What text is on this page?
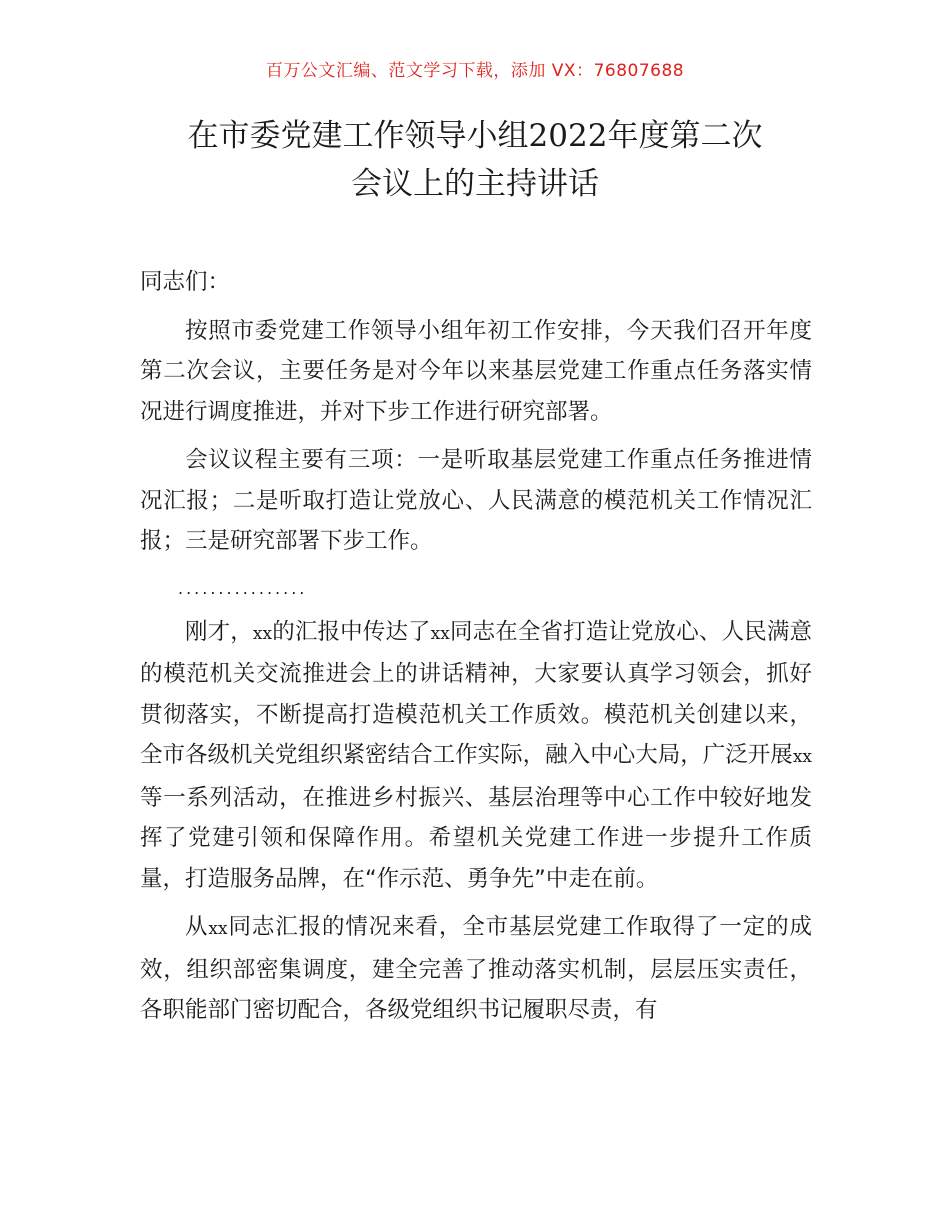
百万公文汇编、范文学习下载，添加 VX：76807688
在市委党建工作领导小组2022年度第二次
会议上的主持讲话

同志们：

按照市委党建工作领导小组年初工作安排，今天我们召开年度第二次会议，主要任务是对今年以来基层党建工作重点任务落实情况进行调度推进，并对下步工作进行研究部署。

会议议程主要有三项：一是听取基层党建工作重点任务推进情况汇报；二是听取打造让党放心、人民满意的模范机关工作情况汇报；三是研究部署下步工作。

................

刚才，xx的汇报中传达了xx同志在全省打造让党放心、人民满意的模范机关交流推进会上的讲话精神，大家要认真学习领会，抓好贯彻落实，不断提高打造模范机关工作质效。模范机关创建以来，全市各级机关党组织紧密结合工作实际，融入中心大局，广泛开展xx等一系列活动，在推进乡村振兴、基层治理等中心工作中较好地发挥了党建引领和保障作用。希望机关党建工作进一步提升工作质量，打造服务品牌，在“作示范、勇争先”中走在前。

从xx同志汇报的情况来看，全市基层党建工作取得了一定的成效，组织部密集调度，建全完善了推动落实机制，层层压实责任，各职能部门密切配合，各级党组织书记履职尽责，有
